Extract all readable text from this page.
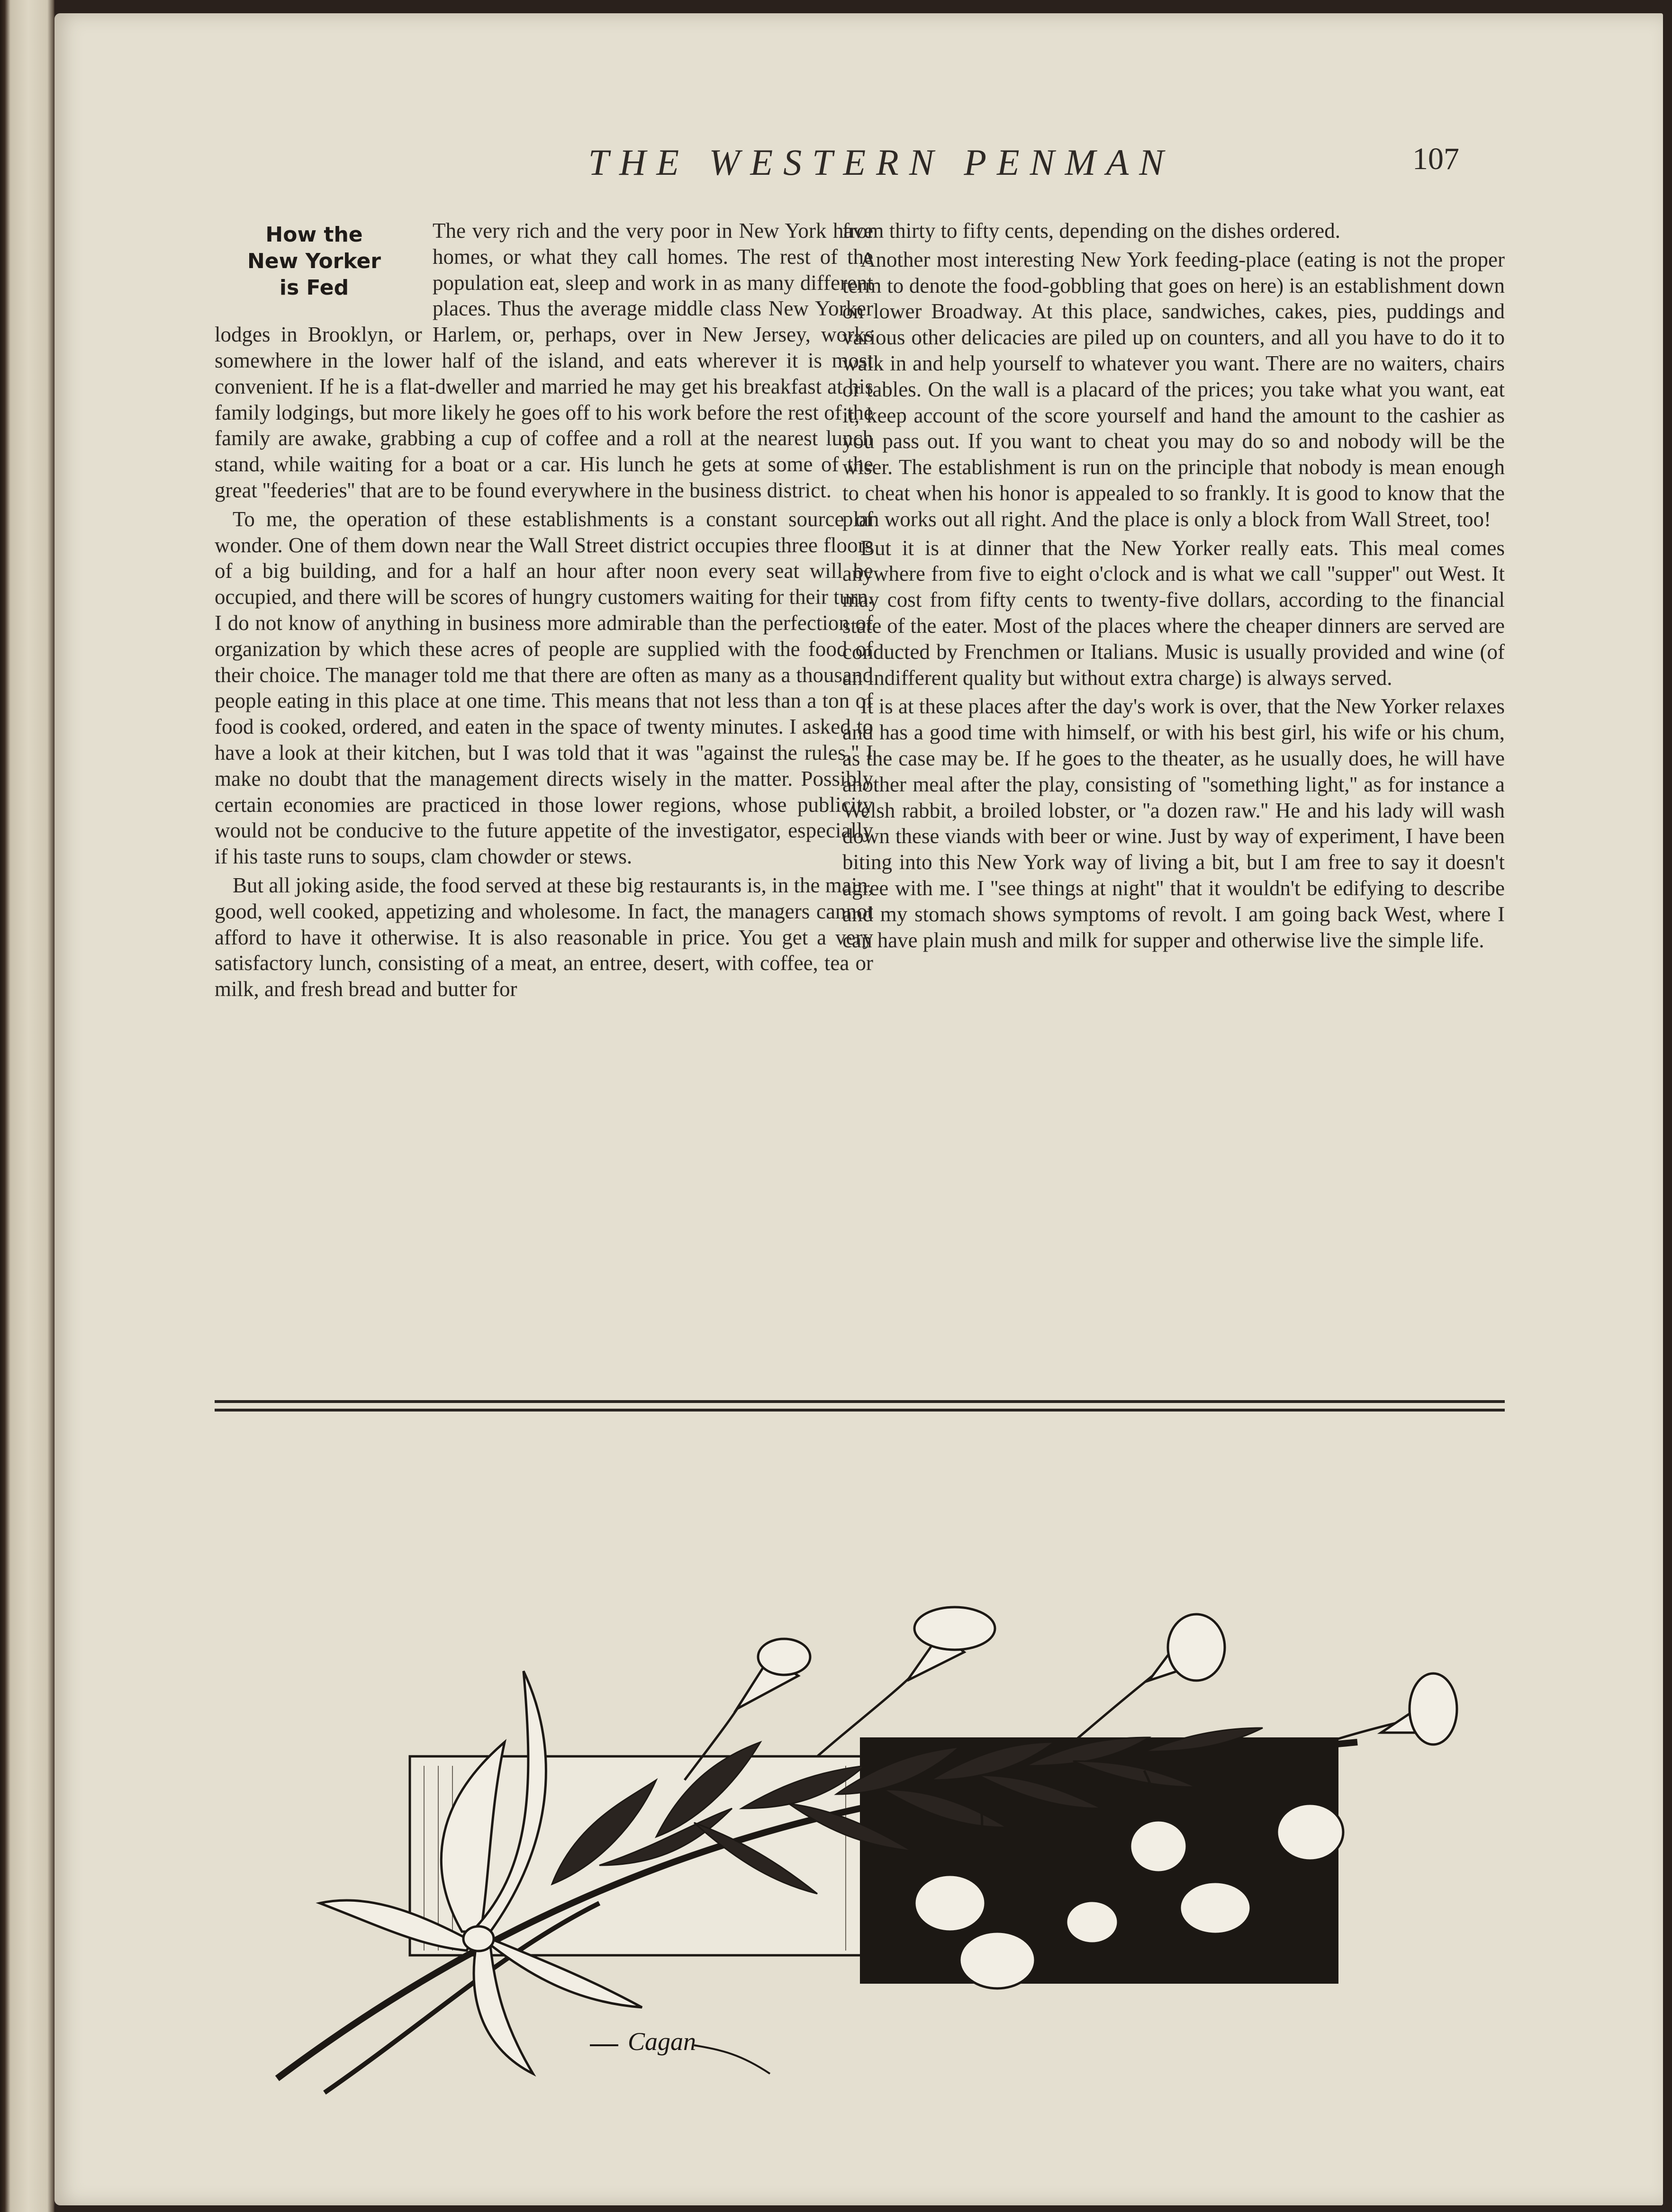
THE WESTERN PENMAN	107
How the
New Yorker
is Fed

The very rich and the very poor in New York have homes, or what they call homes. The rest of the population eat, sleep and work in as many different places. Thus the average middle class New Yorker lodges in Brooklyn, or Harlem, or, perhaps, over in New Jersey, works somewhere in the lower half of the island, and eats wherever it is most convenient. If he is a flat-dweller and married he may get his breakfast at his family lodgings, but more likely he goes off to his work before the rest of the family are awake, grabbing a cup of coffee and a roll at the nearest lunch stand, while waiting for a boat or a car. His lunch he gets at some of the great ''feederies'' that are to be found everywhere in the business district.

To me, the operation of these establishments is a constant source of wonder. One of them down near the Wall Street district occupies three floors of a big building, and for a half an hour after noon every seat will be occupied, and there will be scores of hungry customers waiting for their turn. I do not know of anything in business more admirable than the perfection of organization by which these acres of people are supplied with the food of their choice. The manager told me that there are often as many as a thousand people eating in this place at one time. This means that not less than a ton of food is cooked, ordered, and eaten in the space of twenty minutes. I asked to have a look at their kitchen, but I was told that it was ''against the rules.'' I make no doubt that the management directs wisely in the matter. Possibly certain economies are practiced in those lower regions, whose publicity would not be conducive to the future appetite of the investigator, especially if his taste runs to soups, clam chowder or stews.

But all joking aside, the food served at these big restaurants is, in the main, good, well cooked, appetizing and wholesome. In fact, the managers cannot afford to have it otherwise. It is also reasonable in price. You get a very satisfactory lunch, consisting of a meat, an entree, desert, with coffee, tea or milk, and fresh bread and butter for

from thirty to fifty cents, depending on the dishes ordered.

Another most interesting New York feeding-place (eating is not the proper term to denote the food-gobbling that goes on here) is an establishment down on lower Broadway. At this place, sandwiches, cakes, pies, puddings and various other delicacies are piled up on counters, and all you have to do it to walk in and help yourself to whatever you want. There are no waiters, chairs or tables. On the wall is a placard of the prices; you take what you want, eat it, keep account of the score yourself and hand the amount to the cashier as you pass out. If you want to cheat you may do so and nobody will be the wiser. The establishment is run on the principle that nobody is mean enough to cheat when his honor is appealed to so frankly. It is good to know that the plan works out all right. And the place is only a block from Wall Street, too!

But it is at dinner that the New Yorker really eats. This meal comes anywhere from five to eight o'clock and is what we call ''supper'' out West. It may cost from fifty cents to twenty-five dollars, according to the financial state of the eater. Most of the places where the cheaper dinners are served are conducted by Frenchmen or Italians. Music is usually provided and wine (of an indifferent quality but without extra charge) is always served.

It is at these places after the day's work is over, that the New Yorker relaxes and has a good time with himself, or with his best girl, his wife or his chum, as the case may be. If he goes to the theater, as he usually does, he will have another meal after the play, consisting of ''something light,'' as for instance a Welsh rabbit, a broiled lobster, or ''a dozen raw.'' He and his lady will wash down these viands with beer or wine. Just by way of experiment, I have been biting into this New York way of living a bit, but I am free to say it doesn't agree with me. I ''see things at night'' that it wouldn't be edifying to describe and my stomach shows symptoms of revolt. I am going back West, where I can have plain mush and milk for supper and otherwise live the simple life.

Cagan
